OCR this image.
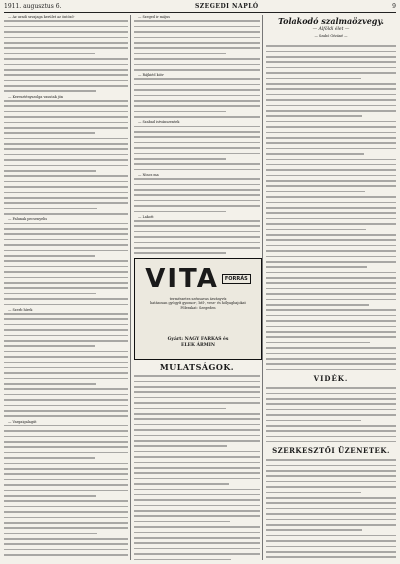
1911. augusztus 6.	SZEGEDI NAPLÓ	9
— Az uradi szvajaga kerület az öntöző-
— Keresztényszolga vasutak jön
— Falunak pecsenyelis
— Szerb hírek
— Vargaigalagút
— Szeged ir május
— Rájkiéd kiöv
— Szabad istvánszentek
— Nincs ma
— Lakott
VITA	FORRÁS
természetes szénsavas ásványvíz
hatásosan gyógyít gyomor-, bél-, vese- és hólyagbajokat
Főlerakat: Szegeden
Gyárt: NAGY FARKAS és
ELEK ÁRMIN
MULATSÁGOK.
Tolakodó szalmaözvegy.
— Alföldi élet —
— Szabó Gézáné —
VIDÉK.
SZERKESZTŐI ÜZENETEK.
